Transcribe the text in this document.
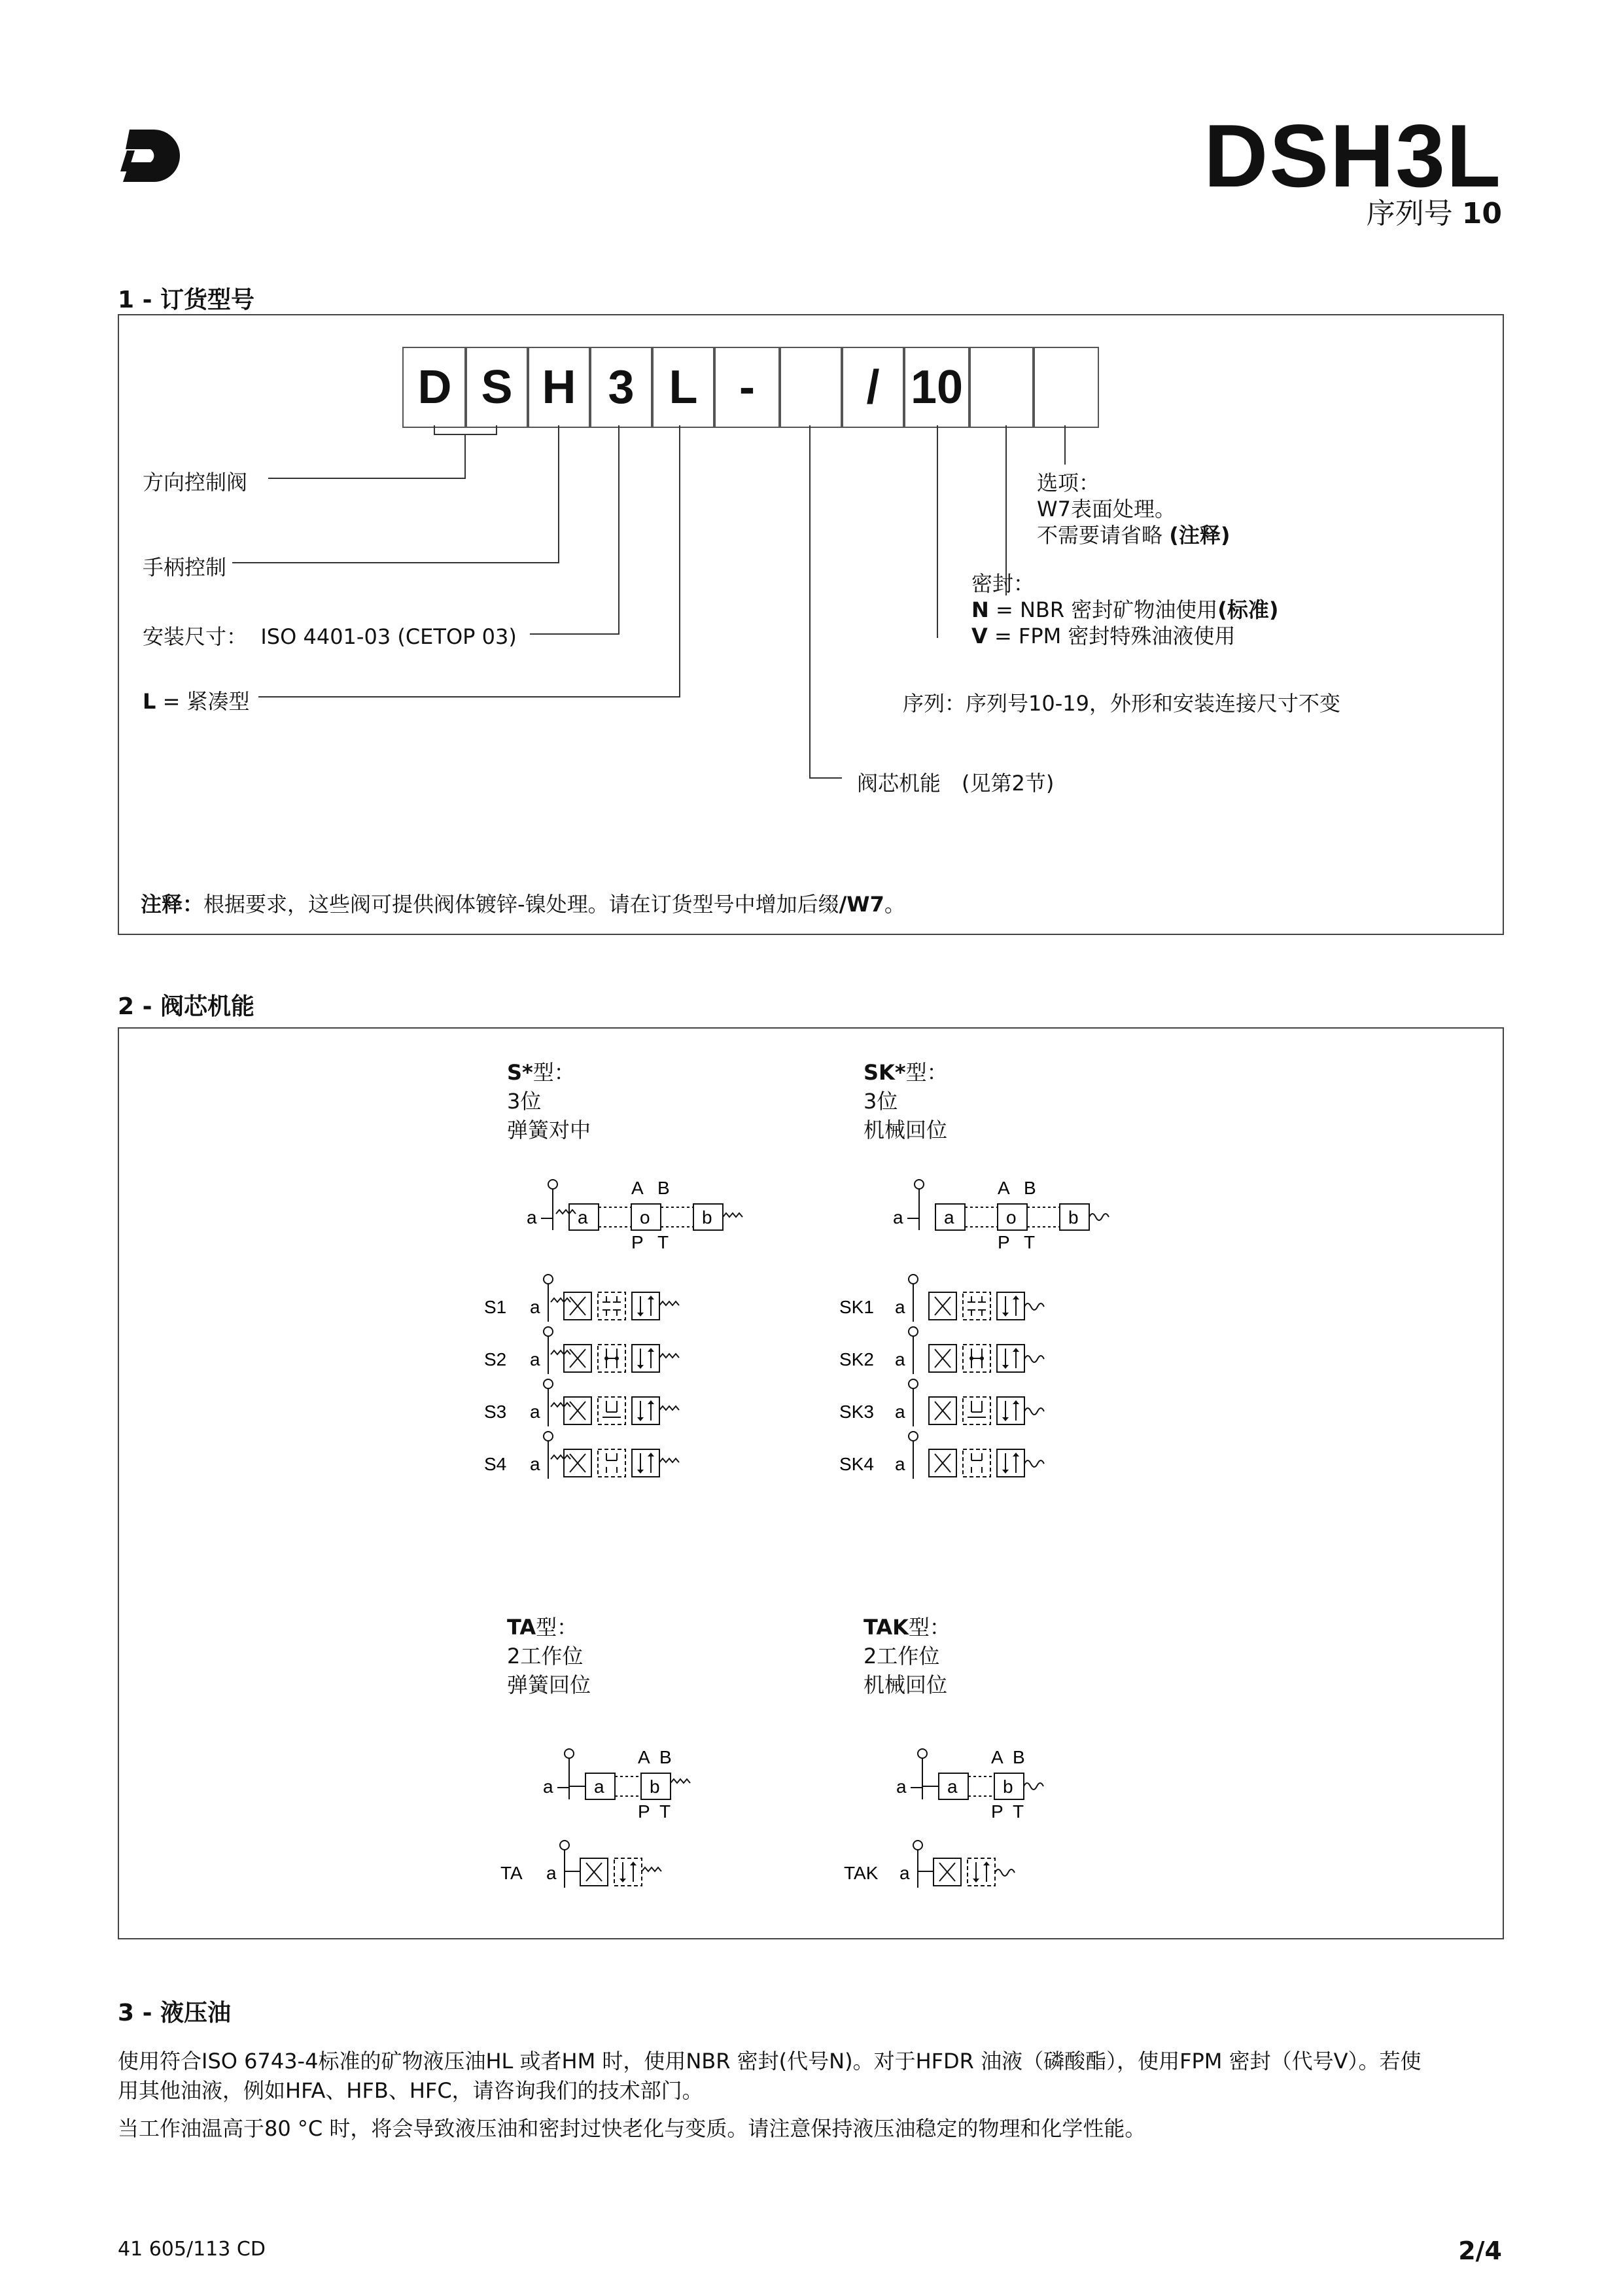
DSH3L
序列号 10
1 - 订货型号
D S H 3 L -	/ 10
方向控制阀
手柄控制
安装尺寸： ISO 4401-03 (CETOP 03)
L = 紧凑型
选项：
W7表面处理。
不需要请省略 (注释)
密封：
N = NBR 密封矿物油使用(标准)
V = FPM 密封特殊油液使用
序列：序列号10-19，外形和安装连接尺寸不变
阀芯机能　(见第2节)
注释：根据要求，这些阀可提供阀体镀锌-镍处理。请在订货型号中增加后缀/W7。
2 - 阀芯机能
S*型：
3位
弹簧对中
SK*型：
3位
机械回位
TA型：
2工作位
弹簧回位
TAK型：
2工作位
机械回位
a a	o
A B
P T
b	a a	o
A B
P T
b
S1 a
S2 a
S3 a
S4 a
SK1 a
SK2 a
SK3 a
SK4 a
a a b
A B
P T
a a b
A B
P T
TA a	TAK a
3 - 液压油
使用符合ISO 6743-4标准的矿物液压油HL 或者HM 时，使用NBR 密封(代号N)。对于HFDR 油液（磷酸酯），使用FPM 密封（代号V）。若使
用其他油液，例如HFA、HFB、HFC，请咨询我们的技术部门。
当工作油温高于80 °C 时，将会导致液压油和密封过快老化与变质。请注意保持液压油稳定的物理和化学性能。
41 605/113 CD	2/4
